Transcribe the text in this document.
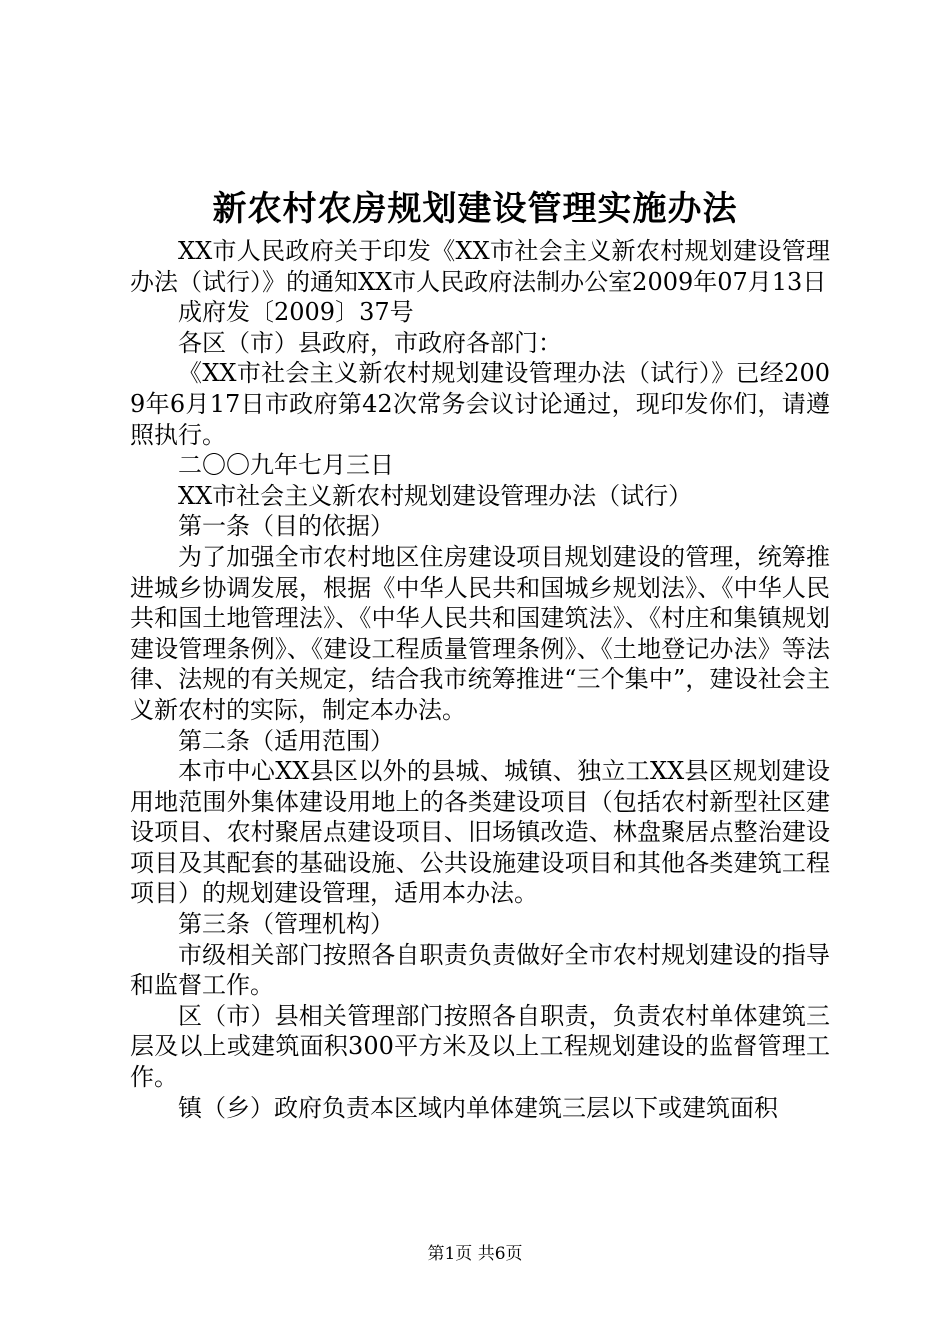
新农村农房规划建设管理实施办法

XX市人民政府关于印发《XX市社会主义新农村规划建设管理办法（试行）》的通知XX市人民政府法制办公室2009年07月13日

成府发〔2009〕37号

各区（市）县政府，市政府各部门：

《XX市社会主义新农村规划建设管理办法（试行）》已经2009年6月17日市政府第42次常务会议讨论通过，现印发你们，请遵照执行。

二〇〇九年七月三日

XX市社会主义新农村规划建设管理办法（试行）

第一条（目的依据）

为了加强全市农村地区住房建设项目规划建设的管理，统筹推进城乡协调发展，根据《中华人民共和国城乡规划法》、《中华人民共和国土地管理法》、《中华人民共和国建筑法》、《村庄和集镇规划建设管理条例》、《建设工程质量管理条例》、《土地登记办法》等法律、法规的有关规定，结合我市统筹推进“三个集中”，建设社会主义新农村的实际，制定本办法。

第二条（适用范围）

本市中心XX县区以外的县城、城镇、独立工XX县区规划建设用地范围外集体建设用地上的各类建设项目（包括农村新型社区建设项目、农村聚居点建设项目、旧场镇改造、林盘聚居点整治建设项目及其配套的基础设施、公共设施建设项目和其他各类建筑工程项目）的规划建设管理，适用本办法。

第三条（管理机构）

市级相关部门按照各自职责负责做好全市农村规划建设的指导和监督工作。

区（市）县相关管理部门按照各自职责，负责农村单体建筑三层及以上或建筑面积300平方米及以上工程规划建设的监督管理工作。

镇（乡）政府负责本区域内单体建筑三层以下或建筑面积

第1页 共6页
